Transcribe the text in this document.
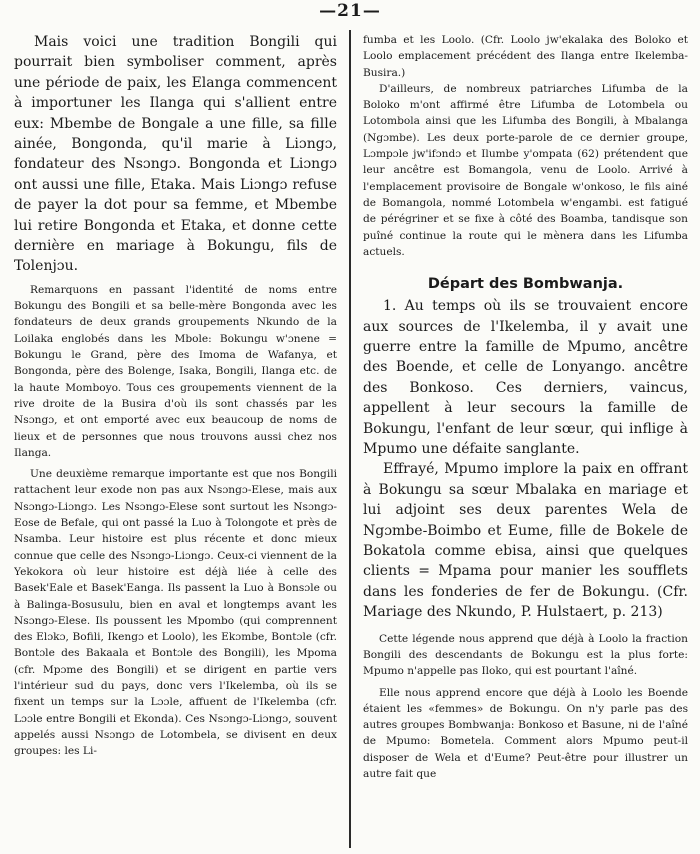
—21—

Mais voici une tradition Bongili qui pourrait bien symboliser comment, après une période de paix, les Elanga commencent à importuner les Ilanga qui s'allient entre eux: Mbembe de Bongale a une fille, sa fille ainée, Bongonda, qu'il marie à Liɔngɔ, fondateur des Nsɔngɔ. Bongonda et Liɔngɔ ont aussi une fille, Etaka. Mais Liɔngɔ refuse de payer la dot pour sa femme, et Mbembe lui retire Bongonda et Etaka, et donne cette dernière en mariage à Bokungu, fils de Tolenjɔu.

Remarquons en passant l'identité de noms entre Bokungu des Bongili et sa belle-mère Bongonda avec les fondateurs de deux grands groupements Nkundo de la Loilaka englobés dans les Mbole: Bokungu w'ɔnene = Bokungu le Grand, père des Imoma de Wafanya, et Bongonda, père des Bolenge, Isaka, Bongili, Ilanga etc. de la haute Momboyo. Tous ces groupements viennent de la rive droite de la Busira d'où ils sont chassés par les Nsɔngɔ, et ont emporté avec eux beaucoup de noms de lieux et de personnes que nous trouvons aussi chez nos Ilanga.

Une deuxième remarque importante est que nos Bongili rattachent leur exode non pas aux Nsɔngɔ-Elese, mais aux Nsɔngɔ-Liɔngɔ. Les Nsɔngɔ-Elese sont surtout les Nsɔngɔ-Eose de Befale, qui ont passé la Luo à Tolongote et près de Nsamba. Leur histoire est plus récente et donc mieux connue que celle des Nsɔngɔ-Liɔngɔ. Ceux-ci viennent de la Yekokora où leur histoire est déjà liée à celle des Basek'Eale et Basek'Eanga. Ils passent la Luo à Bonsɔle ou à Balinga-Bosusulu, bien en aval et longtemps avant les Nsɔngɔ-Elese. Ils poussent les Mpombo (qui comprennent des Elɔkɔ, Bofili, Ikengɔ et Loolo), les Ekɔmbe, Bontɔle (cfr. Bontɔle des Bakaala et Bontɔle des Bongili), les Mpoma (cfr. Mpɔme des Bongili) et se dirigent en partie vers l'intérieur sud du pays, donc vers l'Ikelemba, où ils se fixent un temps sur la Lɔɔle, affuent de l'Ikelemba (cfr. Lɔɔle entre Bongili et Ekonda). Ces Nsɔngɔ-Liɔngɔ, souvent appelés aussi Nsɔngɔ de Lotombela, se divisent en deux groupes: les Li-

fumba et les Loolo. (Cfr. Loolo jw'ekalaka des Boloko et Loolo emplacement précédent des Ilanga entre Ikelemba-Busira.)

D'ailleurs, de nombreux patriarches Lifumba de la Boloko m'ont affirmé être Lifumba de Lotombela ou Lotombola ainsi que les Lifumba des Bongili, à Mbalanga (Ngɔmbe). Les deux porte-parole de ce dernier groupe, Lɔmpɔle jw'ifɔndɔ et Ilumbe y'ompata (62) prétendent que leur ancêtre est Bomangola, venu de Loolo. Arrivé à l'emplacement provisoire de Bongale w'onkoso, le fils ainé de Bomangola, nommé Lotombela w'engambi. est fatigué de pérégriner et se fixe à côté des Boamba, tandisque son puîné continue la route qui le mènera dans les Lifumba actuels.

Départ des Bombwanja.

1. Au temps où ils se trouvaient encore aux sources de l'Ikelemba, il y avait une guerre entre la famille de Mpumo, ancêtre des Boende, et celle de Lonyango. ancêtre des Bonkoso. Ces derniers, vaincus, appellent à leur secours la famille de Bokungu, l'enfant de leur sœur, qui inflige à Mpumo une défaite sanglante.

Effrayé, Mpumo implore la paix en offrant à Bokungu sa sœur Mbalaka en mariage et lui adjoint ses deux parentes Wela de Ngɔmbe-Boimbo et Eume, fille de Bokele de Bokatola comme ebisa, ainsi que quelques clients = Mpama pour manier les soufflets dans les fonderies de fer de Bokungu. (Cfr. Mariage des Nkundo, P. Hulstaert, p. 213)

Cette légende nous apprend que déjà à Loolo la fraction Bongili des descendants de Bokungu est la plus forte: Mpumo n'appelle pas Iloko, qui est pourtant l'aîné.

Elle nous apprend encore que déjà à Loolo les Boende étaient les «femmes» de Bokungu. On n'y parle pas des autres groupes Bombwanja: Bonkoso et Basune, ni de l'aîné de Mpumo: Bometela. Comment alors Mpumo peut-il disposer de Wela et d'Eume? Peut-être pour illustrer un autre fait que
